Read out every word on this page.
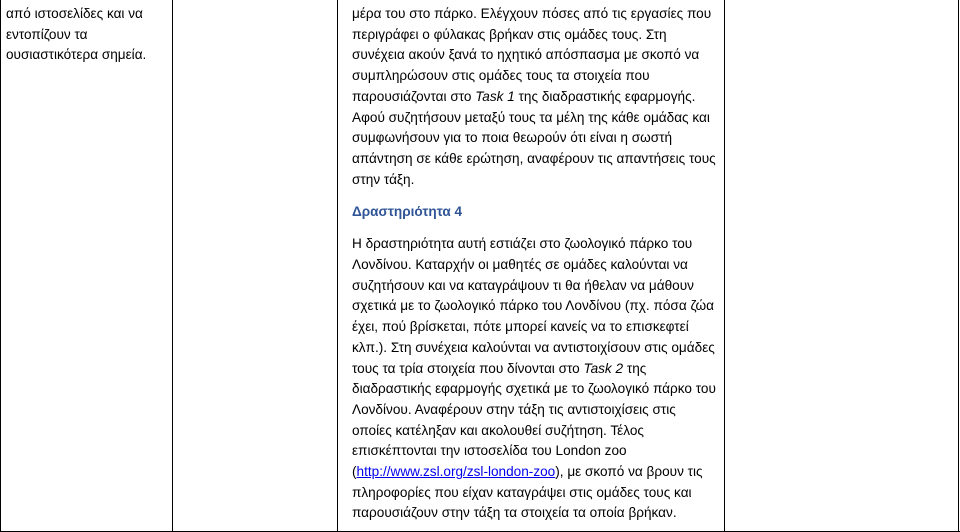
από ιστοσελίδες και να

εντοπίζουν τα

ουσιαστικότερα σημεία.

μέρα του στο πάρκο. Ελέγχουν πόσες από τις εργασίες που

περιγράφει ο φύλακας βρήκαν στις ομάδες τους. Στη

συνέχεια ακούν ξανά το ηχητικό απόσπασμα με σκοπό να

συμπληρώσουν στις ομάδες τους τα στοιχεία που

παρουσιάζονται στο Task 1 της διαδραστικής εφαρμογής.

Αφού συζητήσουν μεταξύ τους τα μέλη της κάθε ομάδας και

συμφωνήσουν για το ποια θεωρούν ότι είναι η σωστή

απάντηση σε κάθε ερώτηση, αναφέρουν τις απαντήσεις τους

στην τάξη.

Δραστηριότητα 4

Η δραστηριότητα αυτή εστιάζει στο ζωολογικό πάρκο του

Λονδίνου. Καταρχήν οι μαθητές σε ομάδες καλούνται να

συζητήσουν και να καταγράψουν τι θα ήθελαν να μάθουν

σχετικά με το ζωολογικό πάρκο του Λονδίνου (πχ. πόσα ζώα

έχει, πού βρίσκεται, πότε μπορεί κανείς να το επισκεφτεί

κλπ.). Στη συνέχεια καλούνται να αντιστοιχίσουν στις ομάδες

τους τα τρία στοιχεία που δίνονται στο Task 2 της

διαδραστικής εφαρμογής σχετικά με το ζωολογικό πάρκο του

Λονδίνου. Αναφέρουν στην τάξη τις αντιστοιχίσεις στις

οποίες κατέληξαν και ακολουθεί συζήτηση. Τέλος

επισκέπτονται την ιστοσελίδα του London zoo

(http://www.zsl.org/zsl-london-zoo), με σκοπό να βρουν τις

πληροφορίες που είχαν καταγράψει στις ομάδες τους και

παρουσιάζουν στην τάξη τα στοιχεία τα οποία βρήκαν.
